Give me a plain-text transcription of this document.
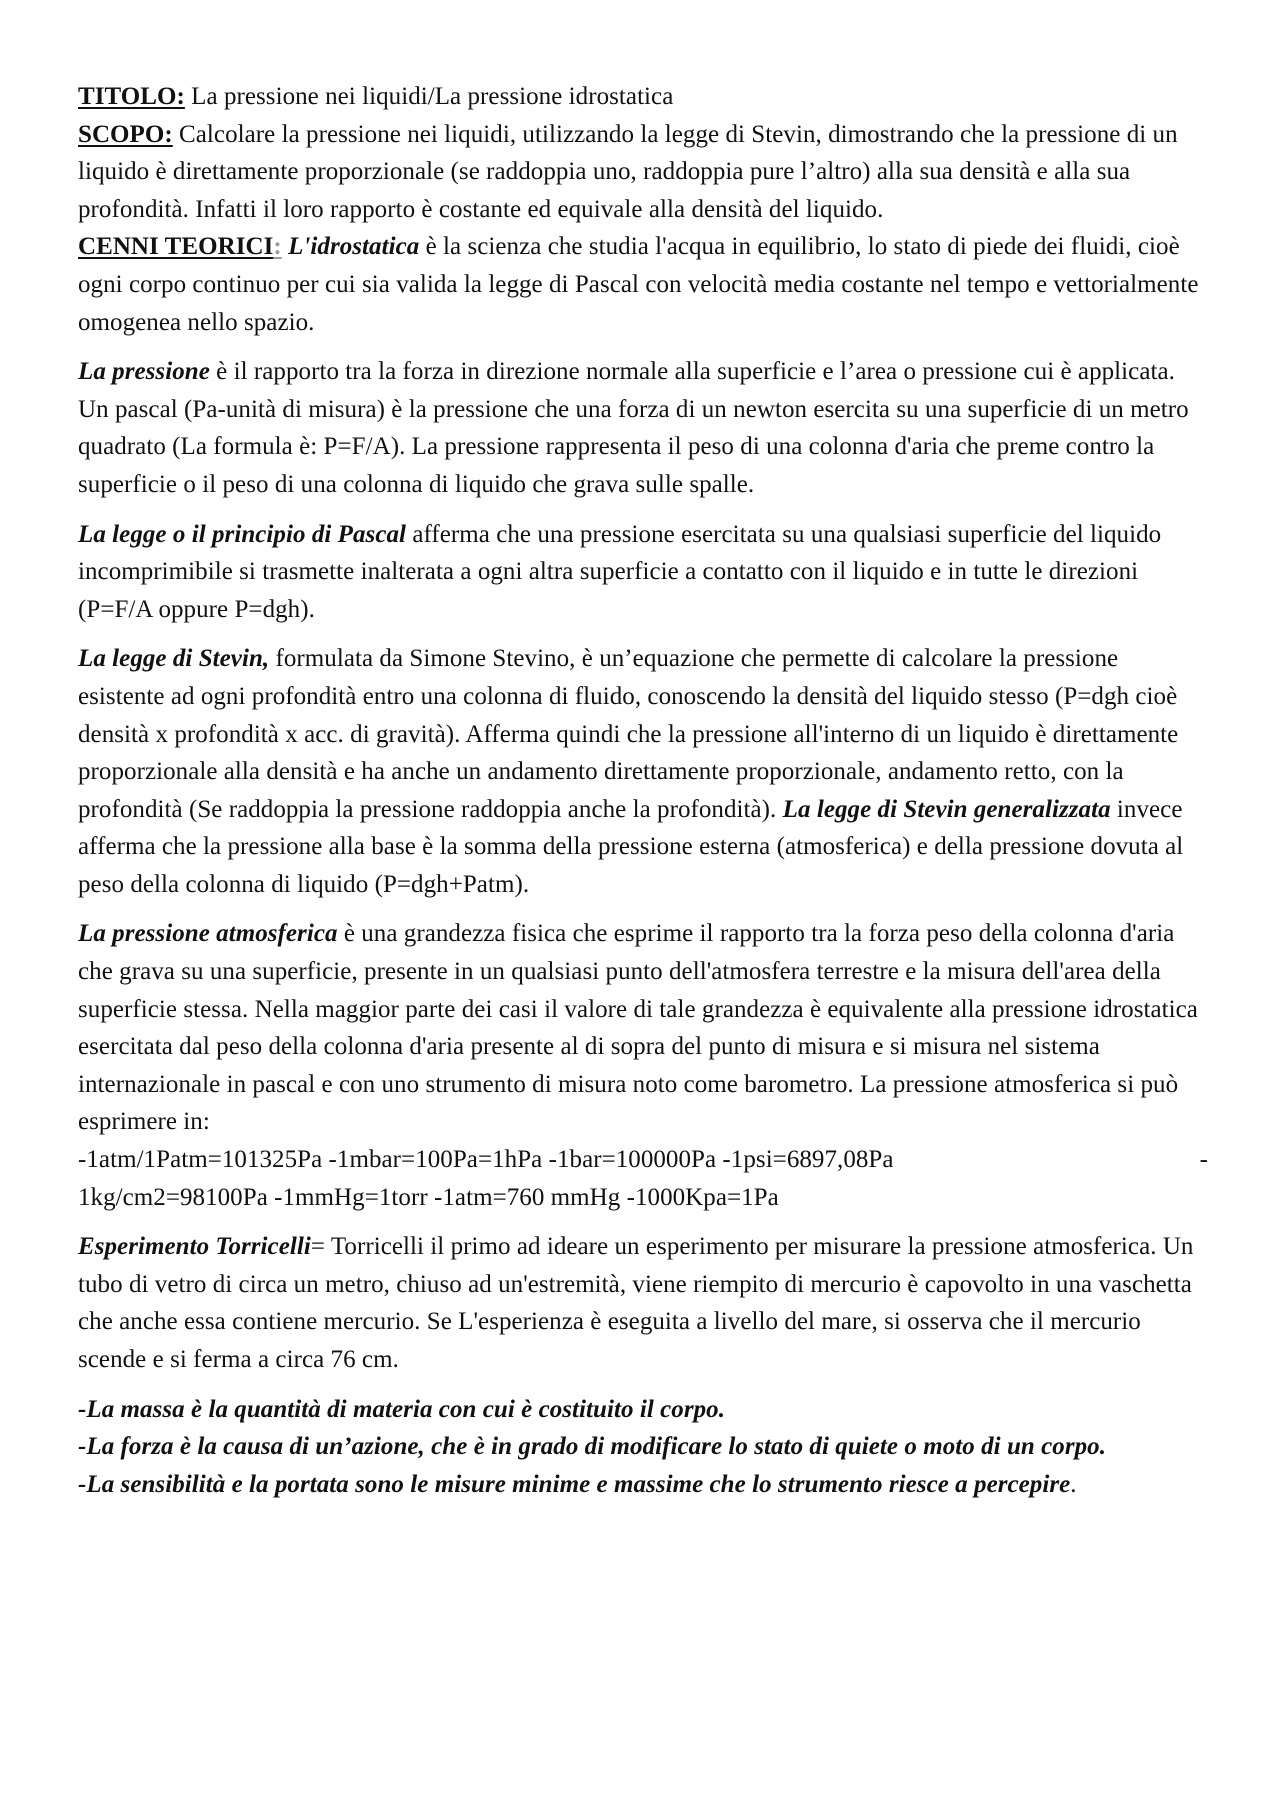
TITOLO: La pressione nei liquidi/La pressione idrostatica

SCOPO: Calcolare la pressione nei liquidi, utilizzando la legge di Stevin, dimostrando che la pressione di un liquido è direttamente proporzionale (se raddoppia uno, raddoppia pure l’altro) alla sua densità e alla sua profondità. Infatti il loro rapporto è costante ed equivale alla densità del liquido.

CENNI TEORICI: L'idrostatica è la scienza che studia l'acqua in equilibrio, lo stato di piede dei fluidi, cioè ogni corpo continuo per cui sia valida la legge di Pascal con velocità media costante nel tempo e vettorialmente omogenea nello spazio.

La pressione è il rapporto tra la forza in direzione normale alla superficie e l’area o pressione cui è applicata. Un pascal (Pa-unità di misura) è la pressione che una forza di un newton esercita su una superficie di un metro quadrato (La formula è: P=F/A). La pressione rappresenta il peso di una colonna d'aria che preme contro la superficie o il peso di una colonna di liquido che grava sulle spalle.

La legge o il principio di Pascal afferma che una pressione esercitata su una qualsiasi superficie del liquido incomprimibile si trasmette inalterata a ogni altra superficie a contatto con il liquido e in tutte le direzioni (P=F/A oppure P=dgh).

La legge di Stevin, formulata da Simone Stevino, è un’equazione che permette di calcolare la pressione esistente ad ogni profondità entro una colonna di fluido, conoscendo la densità del liquido stesso (P=dgh cioè densità x profondità x acc. di gravità). Afferma quindi che la pressione all'interno di un liquido è direttamente proporzionale alla densità e ha anche un andamento direttamente proporzionale, andamento retto, con la profondità (Se raddoppia la pressione raddoppia anche la profondità). La legge di Stevin generalizzata invece afferma che la pressione alla base è la somma della pressione esterna (atmosferica) e della pressione dovuta al peso della colonna di liquido (P=dgh+Patm).

La pressione atmosferica è una grandezza fisica che esprime il rapporto tra la forza peso della colonna d'aria che grava su una superficie, presente in un qualsiasi punto dell'atmosfera terrestre e la misura dell'area della superficie stessa. Nella maggior parte dei casi il valore di tale grandezza è equivalente alla pressione idrostatica esercitata dal peso della colonna d'aria presente al di sopra del punto di misura e si misura nel sistema internazionale in pascal e con uno strumento di misura noto come barometro. La pressione atmosferica si può esprimere in:

-1atm/1Patm=101325Pa -1mbar=100Pa=1hPa -1bar=100000Pa -1psi=6897,08Pa	-

1kg/cm2=98100Pa -1mmHg=1torr -1atm=760 mmHg -1000Kpa=1Pa

Esperimento Torricelli= Torricelli il primo ad ideare un esperimento per misurare la pressione atmosferica. Un tubo di vetro di circa un metro, chiuso ad un'estremità, viene riempito di mercurio è capovolto in una vaschetta che anche essa contiene mercurio. Se L'esperienza è eseguita a livello del mare, si osserva che il mercurio scende e si ferma a circa 76 cm.

-La massa è la quantità di materia con cui è costituito il corpo.

-La forza è la causa di un’azione, che è in grado di modificare lo stato di quiete o moto di un corpo.

-La sensibilità e la portata sono le misure minime e massime che lo strumento riesce a percepire.
